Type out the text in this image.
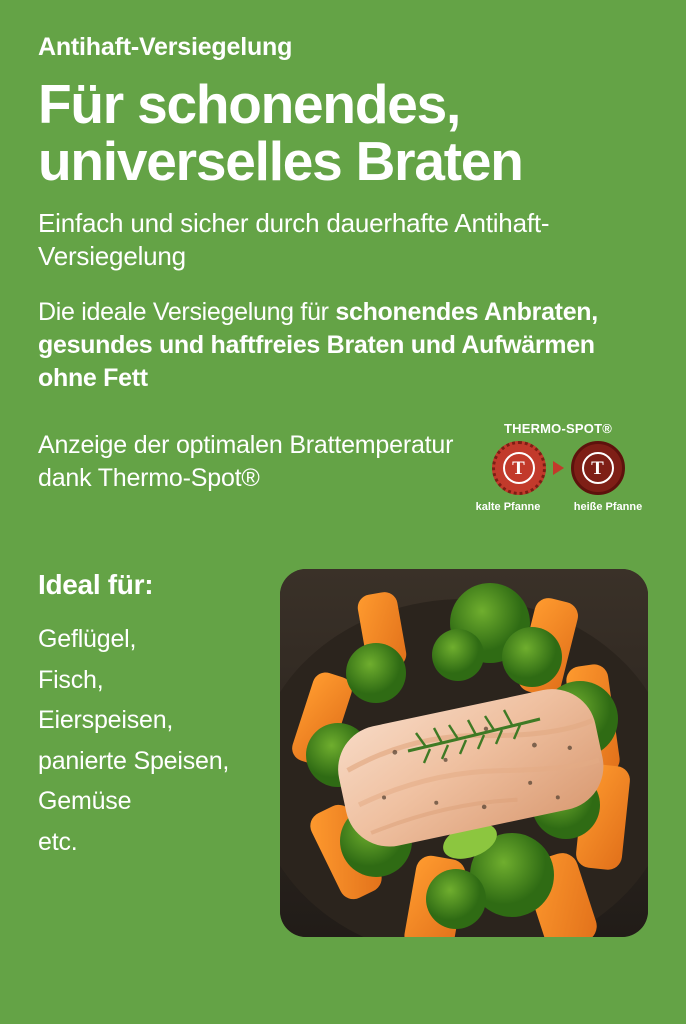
Antihaft-Versiegelung
Für schonendes,
universelles Braten
Einfach und sicher durch dauerhafte Antihaft-Versiegelung
Die ideale Versiegelung für schonendes Anbraten, gesundes und haftfreies Braten und Aufwärmen ohne Fett
Anzeige der optimalen Brattemperatur dank Thermo-Spot®
THERMO-SPOT®
T	T
kalte Pfanne	heiße Pfanne
Ideal für:
Geflügel,
Fisch,
Eierspeisen,
panierte Speisen,
Gemüse
etc.
